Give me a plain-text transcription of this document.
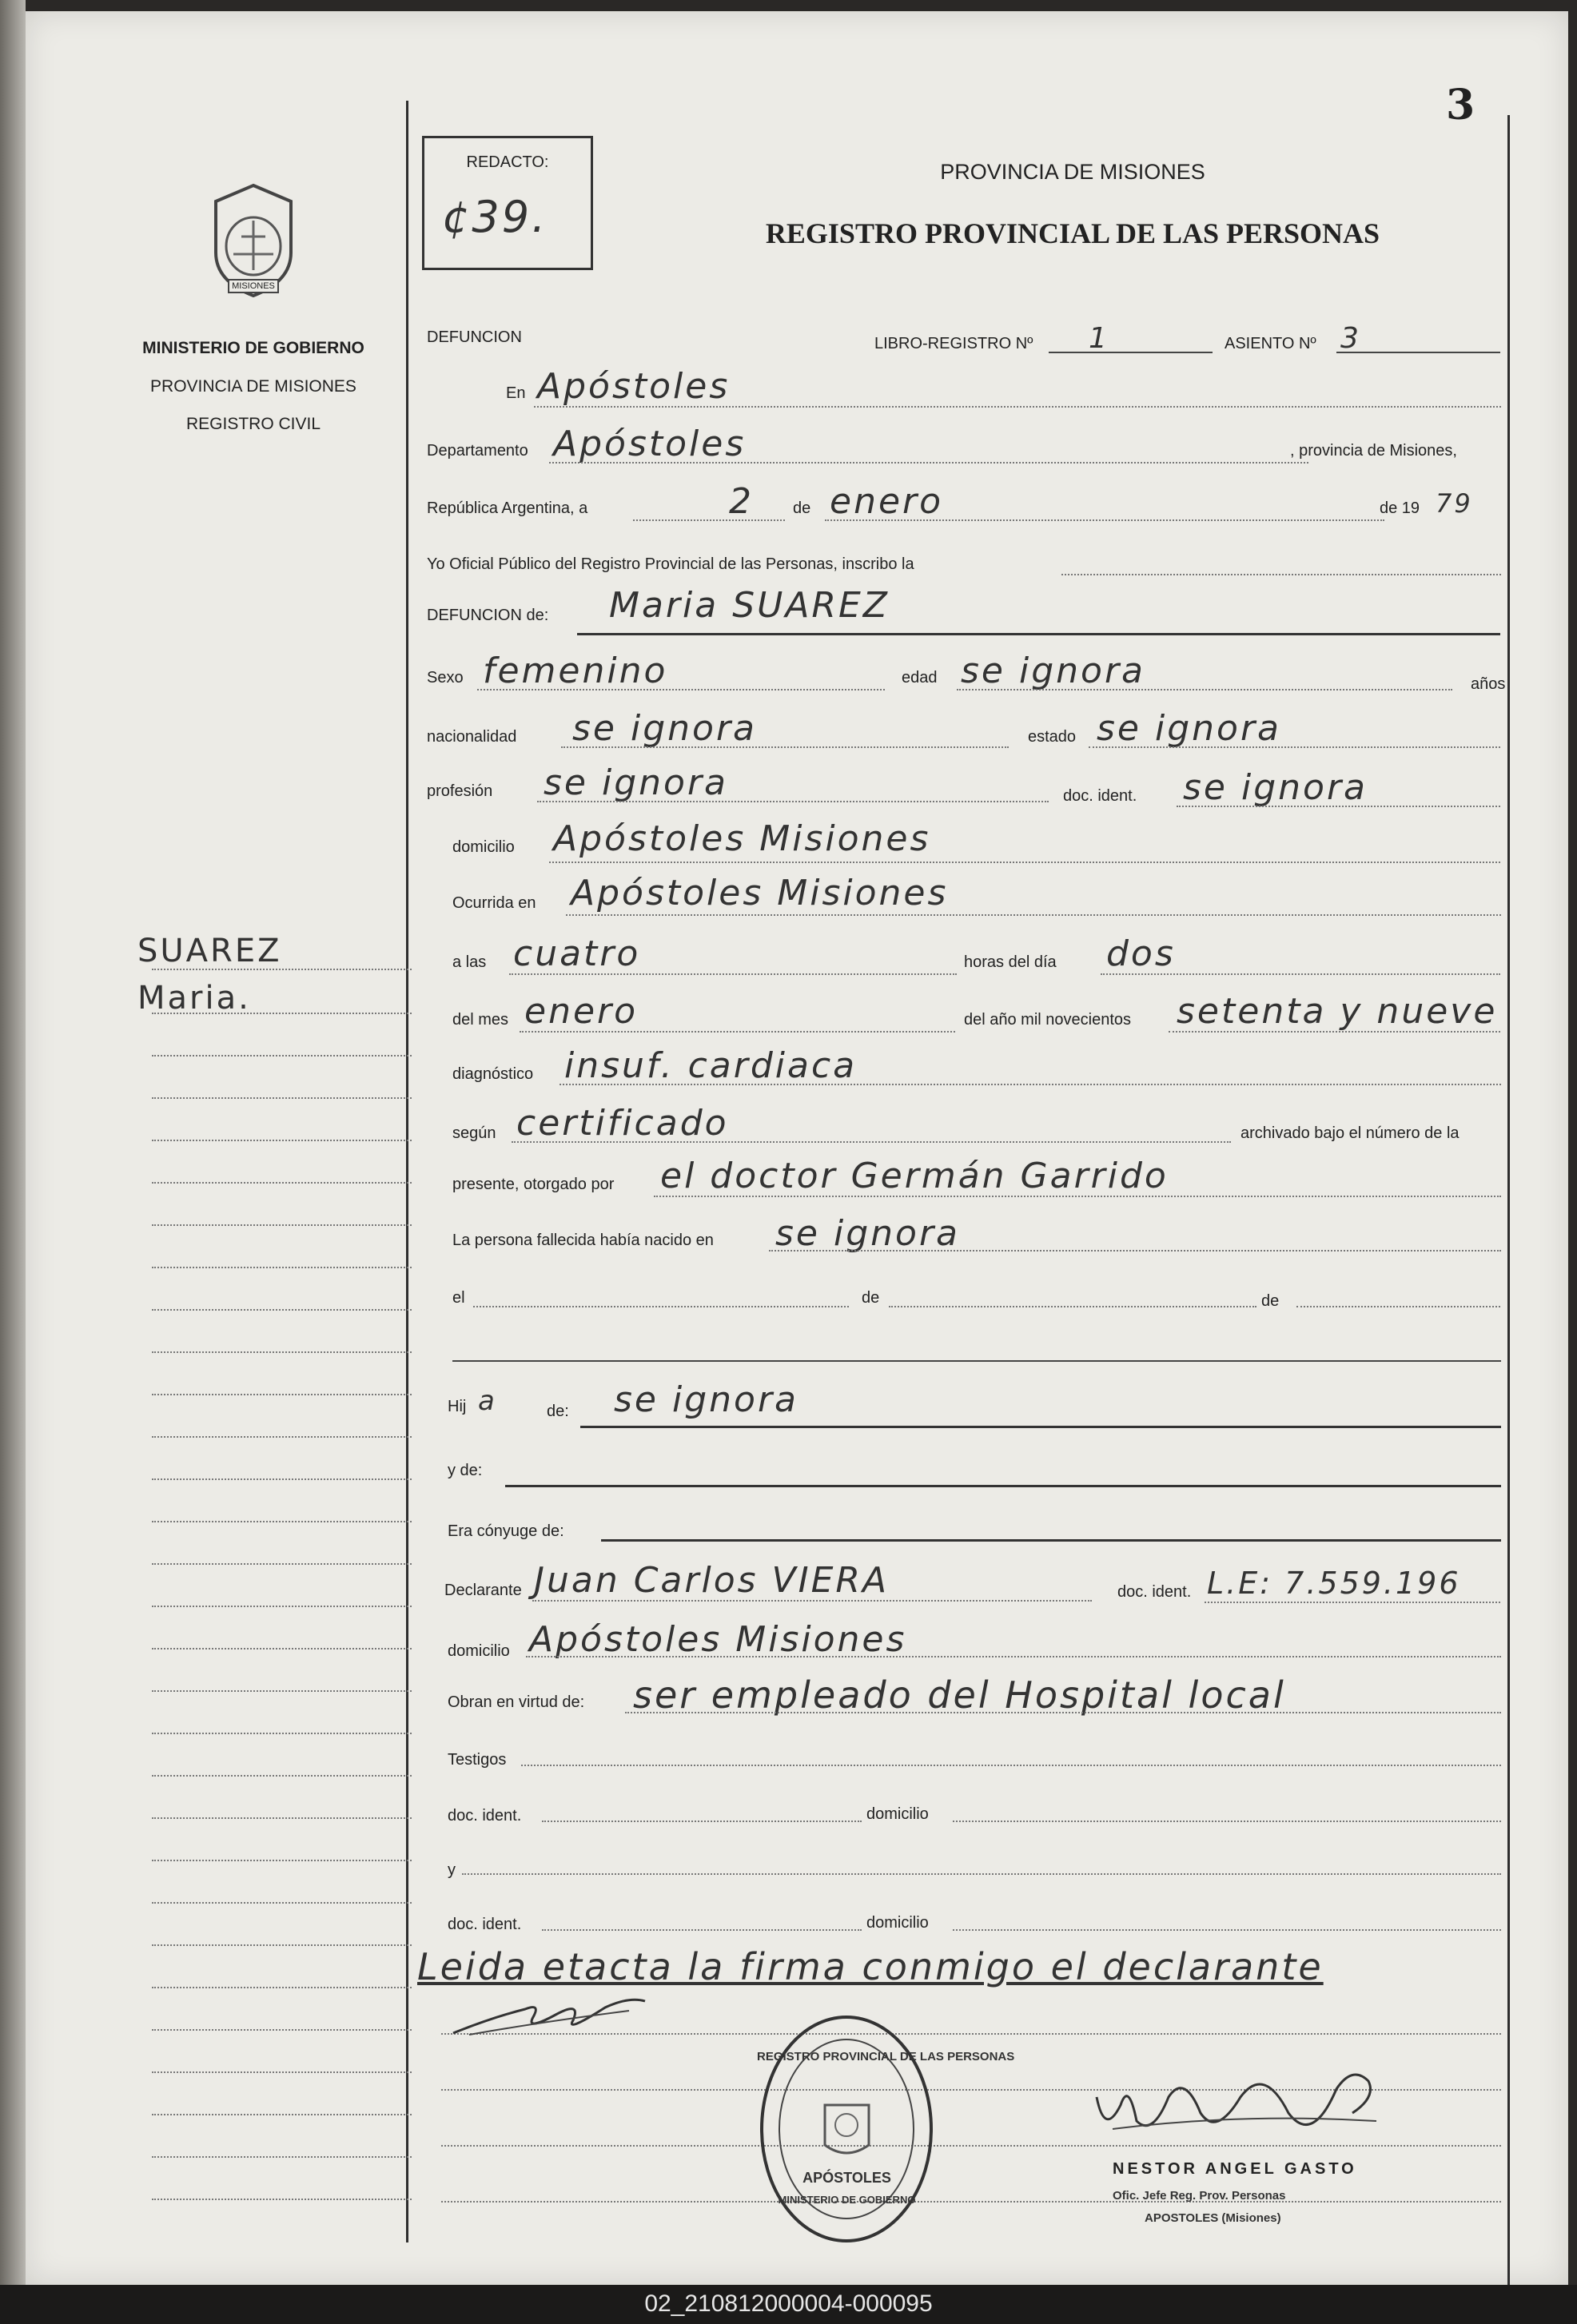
3
REDACTO:
¢39.
PROVINCIA DE MISIONES
REGISTRO PROVINCIAL DE LAS PERSONAS
MISIONES
MINISTERIO DE GOBIERNO
PROVINCIA DE MISIONES
REGISTRO CIVIL
SUAREZ
Maria.
DEFUNCION	LIBRO-REGISTRO Nº 1	ASIENTO Nº 3
En Apóstoles
Departamento Apóstoles	, provincia de Misiones,
República Argentina, a	2 de enero	de 19 79
Yo Oficial Público del Registro Provincial de las Personas, inscribo la
DEFUNCION de: Maria SUAREZ
Sexo femenino	edad se ignora	años
nacionalidad se ignora	estado se ignora
profesión se ignora	doc. ident. se ignora
domicilio Apóstoles Misiones
Ocurrida en Apóstoles Misiones
a las cuatro	horas del día dos
del mes enero	del año mil novecientos setenta y nueve
diagnóstico insuf. cardiaca
según certificado	archivado bajo el número de la
presente, otorgado por el doctor Germán Garrido
La persona fallecida había nacido en se ignora
el	de	de
Hij a	de: se ignora
y de:
Era cónyuge de:
Declarante Juan Carlos VIERA	doc. ident. L.E: 7.559.196
domicilio Apóstoles Misiones
Obran en virtud de: ser empleado del Hospital local
Testigos
doc. ident.	domicilio
y
doc. ident.	domicilio
Leida etacta la firma conmigo el declarante
REGISTRO PROVINCIAL DE LAS PERSONAS
APÓSTOLES
MINISTERIO DE GOBIERNO
NESTOR ANGEL GASTO
Ofic. Jefe Reg. Prov. Personas
APOSTOLES (Misiones)
02_210812000004-000095
